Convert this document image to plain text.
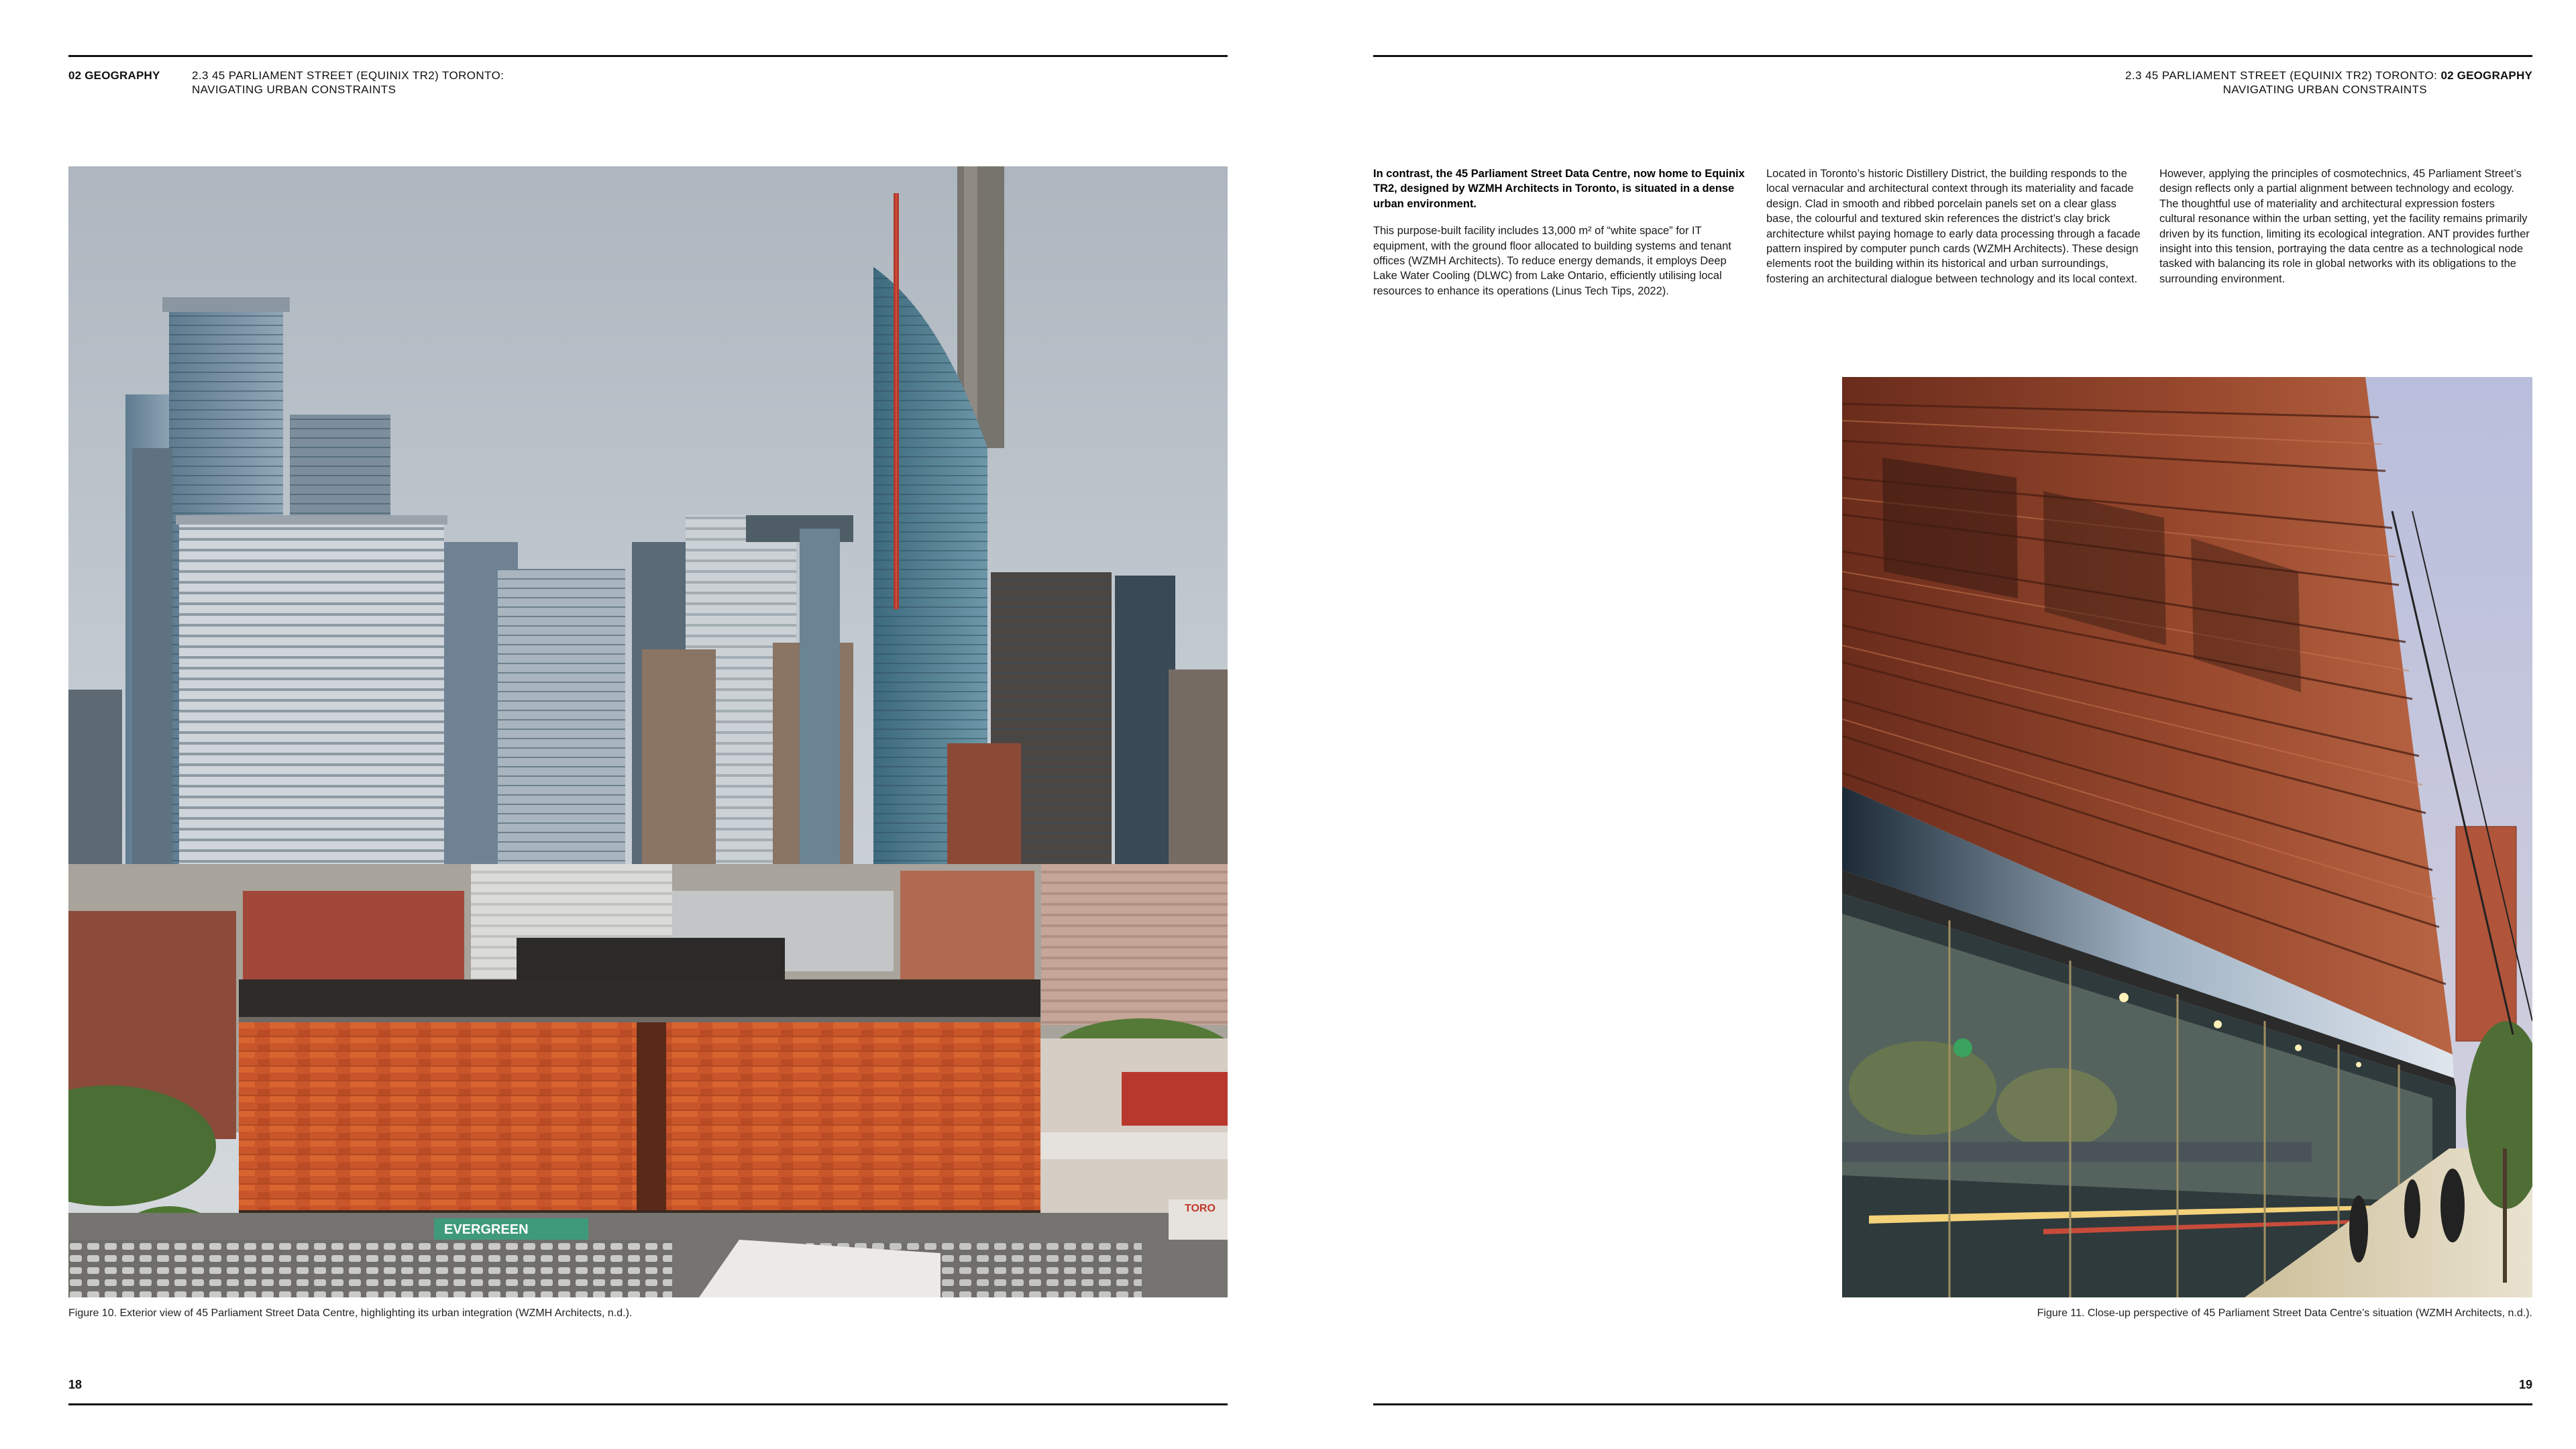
02 GEOGRAPHY	2.3 45 PARLIAMENT STREET (EQUINIX TR2) TORONTO:
NAVIGATING URBAN CONSTRAINTS
EVERGREEN
TORO
Figure 10. Exterior view of 45 Parliament Street Data Centre, highlighting its urban integration (WZMH Architects, n.d.).
18
2.3 45 PARLIAMENT STREET (EQUINIX TR2) TORONTO: 02 GEOGRAPHY
NAVIGATING URBAN CONSTRAINTS

In contrast, the 45 Parliament Street Data Centre, now home to Equinix TR2, designed by WZMH Architects in Toronto, is situated in a dense urban environment.

This purpose-built facility includes 13,000 m² of “white space” for IT equipment, with the ground floor allocated to building systems and tenant offices (WZMH Architects). To reduce energy demands, it employs Deep Lake Water Cooling (DLWC) from Lake Ontario, efficiently utilising local resources to enhance its operations (Linus Tech Tips, 2022).

Located in Toronto’s historic Distillery District, the building responds to the local vernacular and architectural context through its materiality and facade design. Clad in smooth and ribbed porcelain panels set on a clear glass base, the colourful and textured skin references the district’s clay brick architecture whilst paying homage to early data processing through a facade pattern inspired by computer punch cards (WZMH Architects). These design elements root the building within its historical and urban surroundings, fostering an architectural dialogue between technology and its local context.

However, applying the principles of cosmotechnics, 45 Parliament Street’s design reflects only a partial alignment between technology and ecology. The thoughtful use of materiality and architectural expression fosters cultural resonance within the urban setting, yet the facility remains primarily driven by its function, limiting its ecological integration. ANT provides further insight into this tension, portraying the data centre as a technological node tasked with balancing its role in global networks with its obligations to the surrounding environment.

Figure 11. Close-up perspective of 45 Parliament Street Data Centre’s situation (WZMH Architects, n.d.).
19
